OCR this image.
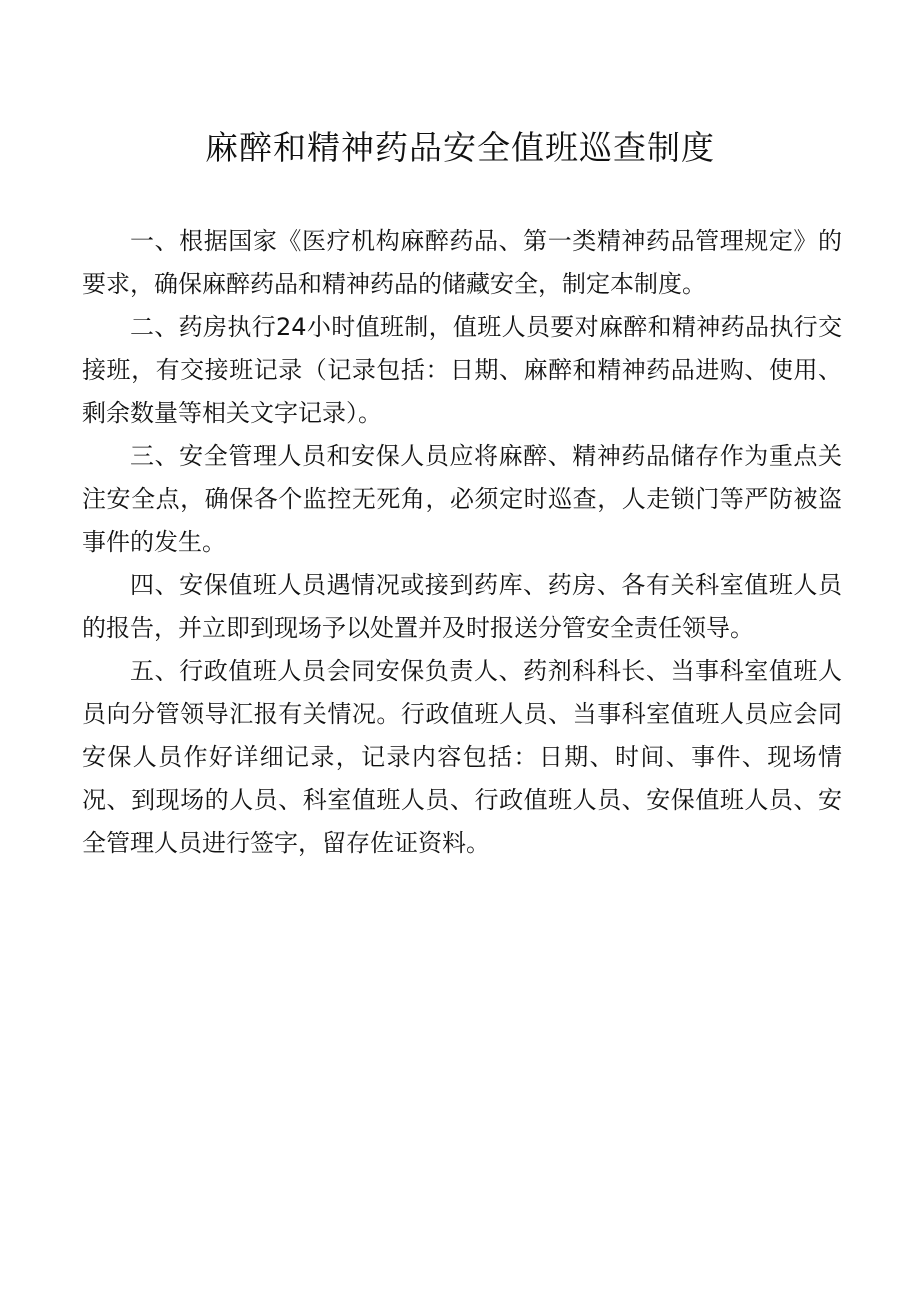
麻醉和精神药品安全值班巡查制度

一、根据国家《医疗机构麻醉药品、第一类精神药品管理规定》的要求，确保麻醉药品和精神药品的储藏安全，制定本制度。

二、药房执行24小时值班制，值班人员要对麻醉和精神药品执行交接班，有交接班记录（记录包括：日期、麻醉和精神药品进购、使用、剩余数量等相关文字记录）。

三、安全管理人员和安保人员应将麻醉、精神药品储存作为重点关注安全点，确保各个监控无死角，必须定时巡查，人走锁门等严防被盗事件的发生。

四、安保值班人员遇情况或接到药库、药房、各有关科室值班人员的报告，并立即到现场予以处置并及时报送分管安全责任领导。

五、行政值班人员会同安保负责人、药剂科科长、当事科室值班人员向分管领导汇报有关情况。行政值班人员、当事科室值班人员应会同安保人员作好详细记录，记录内容包括：日期、时间、事件、现场情况、到现场的人员、科室值班人员、行政值班人员、安保值班人员、安全管理人员进行签字，留存佐证资料。
